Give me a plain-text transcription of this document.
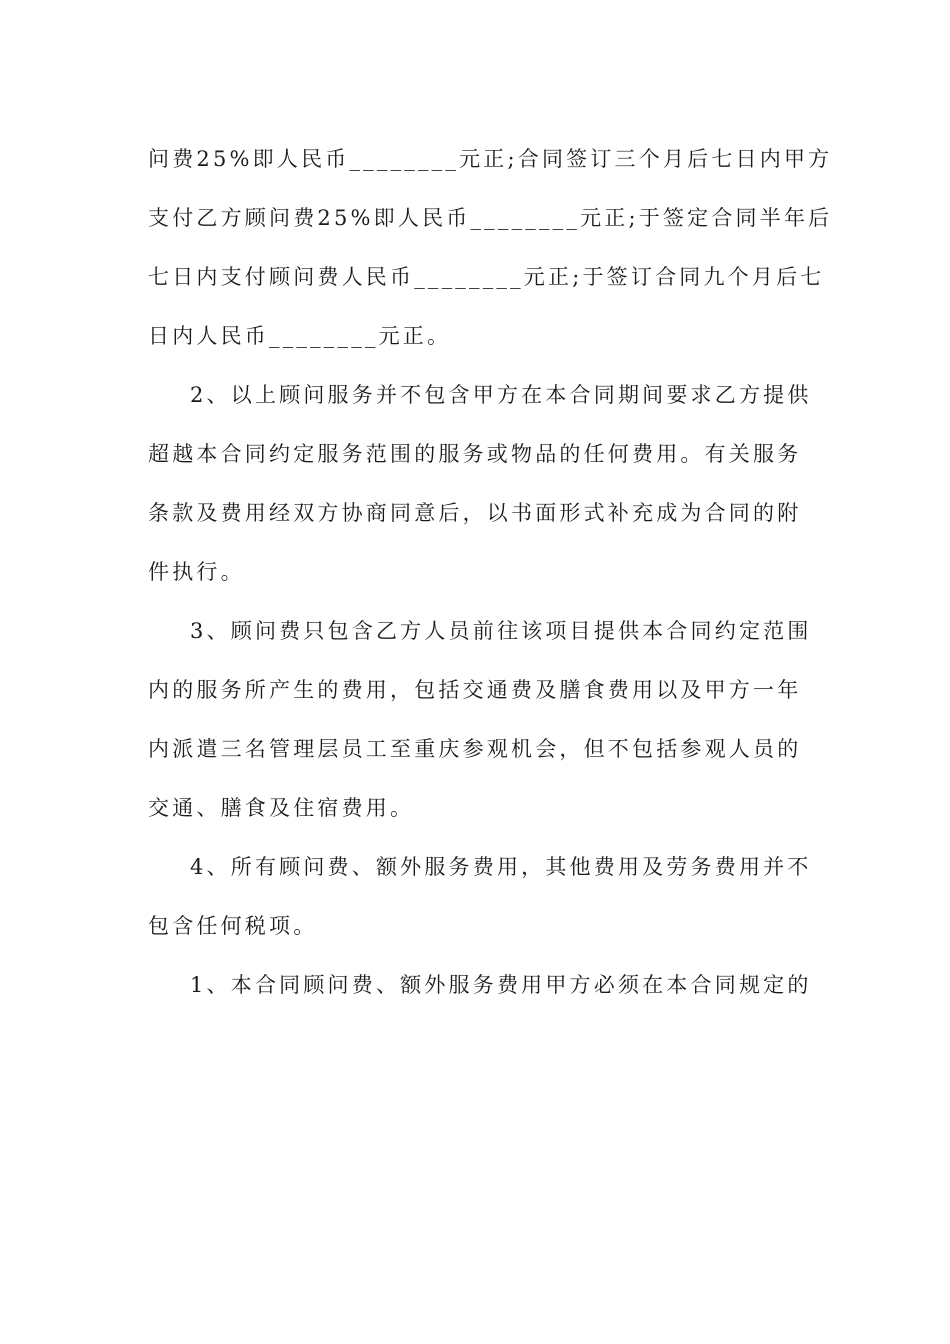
问费25%即人民币________元正;合同签订三个月后七日内甲方
支付乙方顾问费25%即人民币________元正;于签定合同半年后
七日内支付顾问费人民币________元正;于签订合同九个月后七
日内人民币________元正。
2、以上顾问服务并不包含甲方在本合同期间要求乙方提供
超越本合同约定服务范围的服务或物品的任何费用。有关服务
条款及费用经双方协商同意后，以书面形式补充成为合同的附
件执行。
3、顾问费只包含乙方人员前往该项目提供本合同约定范围
内的服务所产生的费用，包括交通费及膳食费用以及甲方一年
内派遣三名管理层员工至重庆参观机会，但不包括参观人员的
交通、膳食及住宿费用。
4、所有顾问费、额外服务费用，其他费用及劳务费用并不
包含任何税项。
1、本合同顾问费、额外服务费用甲方必须在本合同规定的
